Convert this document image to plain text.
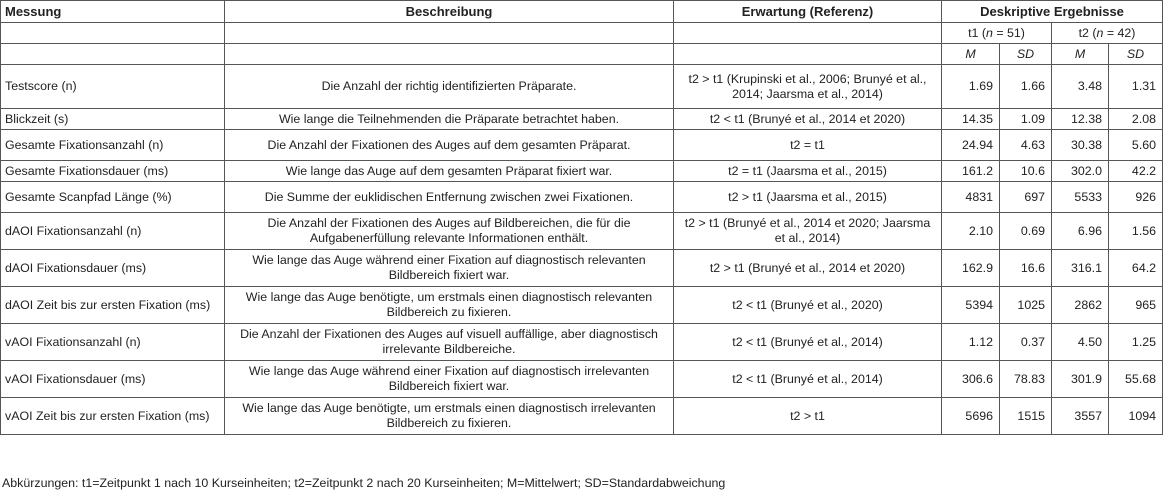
Messung	Beschreibung	Erwartung (Referenz)	Deskriptive Ergebnisse			
			t1 (n = 51)		t2 (n = 42)	
			M	SD	M	SD
Testscore (n)	Die Anzahl der richtig identifizierten Präparate.	t2 > t1 (Krupinski et al., 2006; Brunyé et al., 2014; Jaarsma et al., 2014)	1.69	1.66	3.48	1.31
Blickzeit (s)	Wie lange die Teilnehmenden die Präparate betrachtet haben.	t2 < t1 (Brunyé et al., 2014 et 2020)	14.35	1.09	12.38	2.08
Gesamte Fixationsanzahl (n)	Die Anzahl der Fixationen des Auges auf dem gesamten Präparat.	t2 = t1	24.94	4.63	30.38	5.60
Gesamte Fixationsdauer (ms)	Wie lange das Auge auf dem gesamten Präparat fixiert war.	t2 = t1 (Jaarsma et al., 2015)	161.2	10.6	302.0	42.2
Gesamte Scanpfad Länge (%)	Die Summe der euklidischen Entfernung zwischen zwei Fixationen.	t2 > t1 (Jaarsma et al., 2015)	4831	697	5533	926
dAOI Fixationsanzahl (n)	Die Anzahl der Fixationen des Auges auf Bildbereichen, die für die Aufgabenerfüllung relevante Informationen enthält.	t2 > t1 (Brunyé et al., 2014 et 2020; Jaarsma et al., 2014)	2.10	0.69	6.96	1.56
dAOI Fixationsdauer (ms)	Wie lange das Auge während einer Fixation auf diagnostisch relevanten Bildbereich fixiert war.	t2 > t1 (Brunyé et al., 2014 et 2020)	162.9	16.6	316.1	64.2
dAOI Zeit bis zur ersten Fixation (ms)	Wie lange das Auge benötigte, um erstmals einen diagnostisch relevanten Bildbereich zu fixieren.	t2 < t1 (Brunyé et al., 2020)	5394	1025	2862	965
vAOI Fixationsanzahl (n)	Die Anzahl der Fixationen des Auges auf visuell auffällige, aber diagnostisch irrelevante Bildbereiche.	t2 < t1 (Brunyé et al., 2014)	1.12	0.37	4.50	1.25
vAOI Fixationsdauer (ms)	Wie lange das Auge während einer Fixation auf diagnostisch irrelevanten Bildbereich fixiert war.	t2 < t1 (Brunyé et al., 2014)	306.6	78.83	301.9	55.68
vAOI Zeit bis zur ersten Fixation (ms)	Wie lange das Auge benötigte, um erstmals einen diagnostisch irrelevanten Bildbereich zu fixieren.	t2 > t1	5696	1515	3557	1094
Abkürzungen: t1=Zeitpunkt 1 nach 10 Kurseinheiten; t2=Zeitpunkt 2 nach 20 Kurseinheiten; M=Mittelwert; SD=Standardabweichung
